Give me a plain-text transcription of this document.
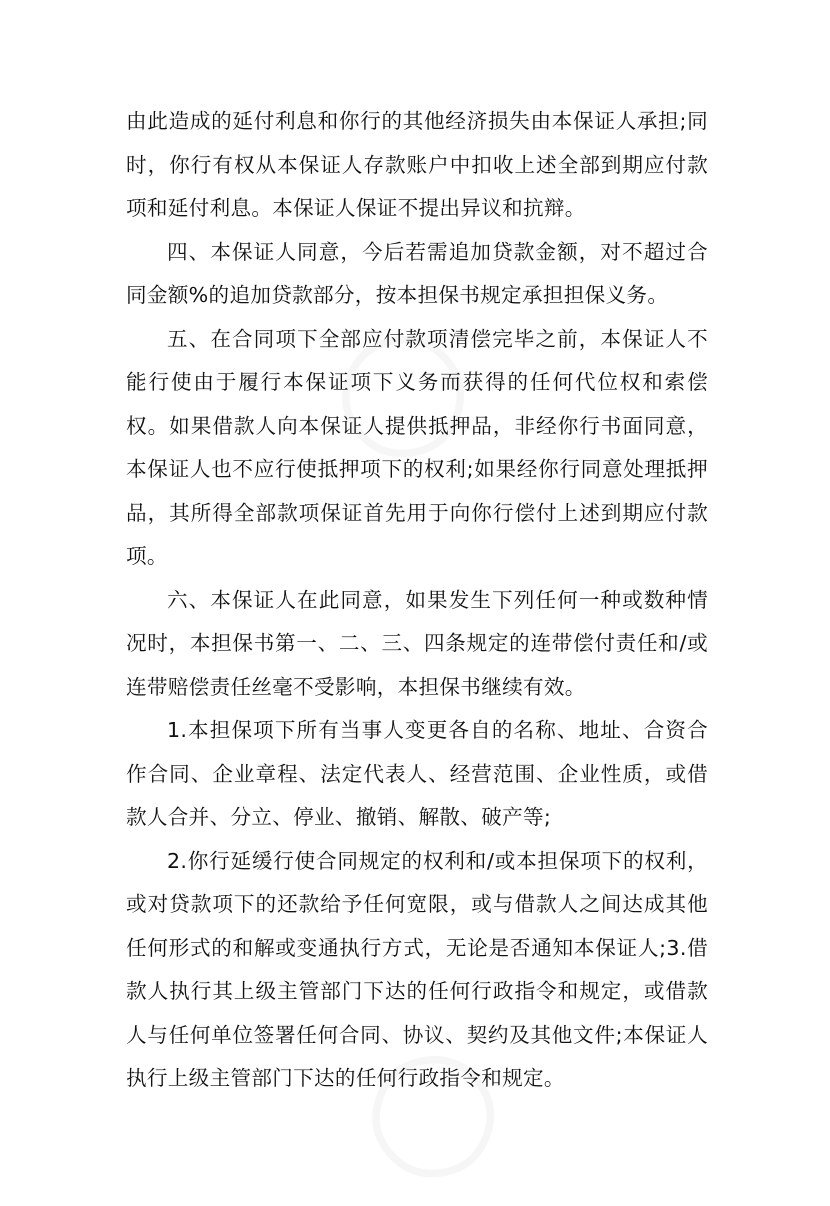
由此造成的延付利息和你行的其他经济损失由本保证人承担;同时，你行有权从本保证人存款账户中扣收上述全部到期应付款项和延付利息。本保证人保证不提出异议和抗辩。

四、本保证人同意，今后若需追加贷款金额，对不超过合同金额%的追加贷款部分，按本担保书规定承担担保义务。

五、在合同项下全部应付款项清偿完毕之前，本保证人不能行使由于履行本保证项下义务而获得的任何代位权和索偿权。如果借款人向本保证人提供抵押品，非经你行书面同意，本保证人也不应行使抵押项下的权利;如果经你行同意处理抵押品，其所得全部款项保证首先用于向你行偿付上述到期应付款项。

六、本保证人在此同意，如果发生下列任何一种或数种情况时，本担保书第一、二、三、四条规定的连带偿付责任和/或连带赔偿责任丝毫不受影响，本担保书继续有效。

1.本担保项下所有当事人变更各自的名称、地址、合资合作合同、企业章程、法定代表人、经营范围、企业性质，或借款人合并、分立、停业、撤销、解散、破产等;

2.你行延缓行使合同规定的权利和/或本担保项下的权利，或对贷款项下的还款给予任何宽限，或与借款人之间达成其他任何形式的和解或变通执行方式，无论是否通知本保证人;3.借款人执行其上级主管部门下达的任何行政指令和规定，或借款人与任何单位签署任何合同、协议、契约及其他文件;本保证人执行上级主管部门下达的任何行政指令和规定。
